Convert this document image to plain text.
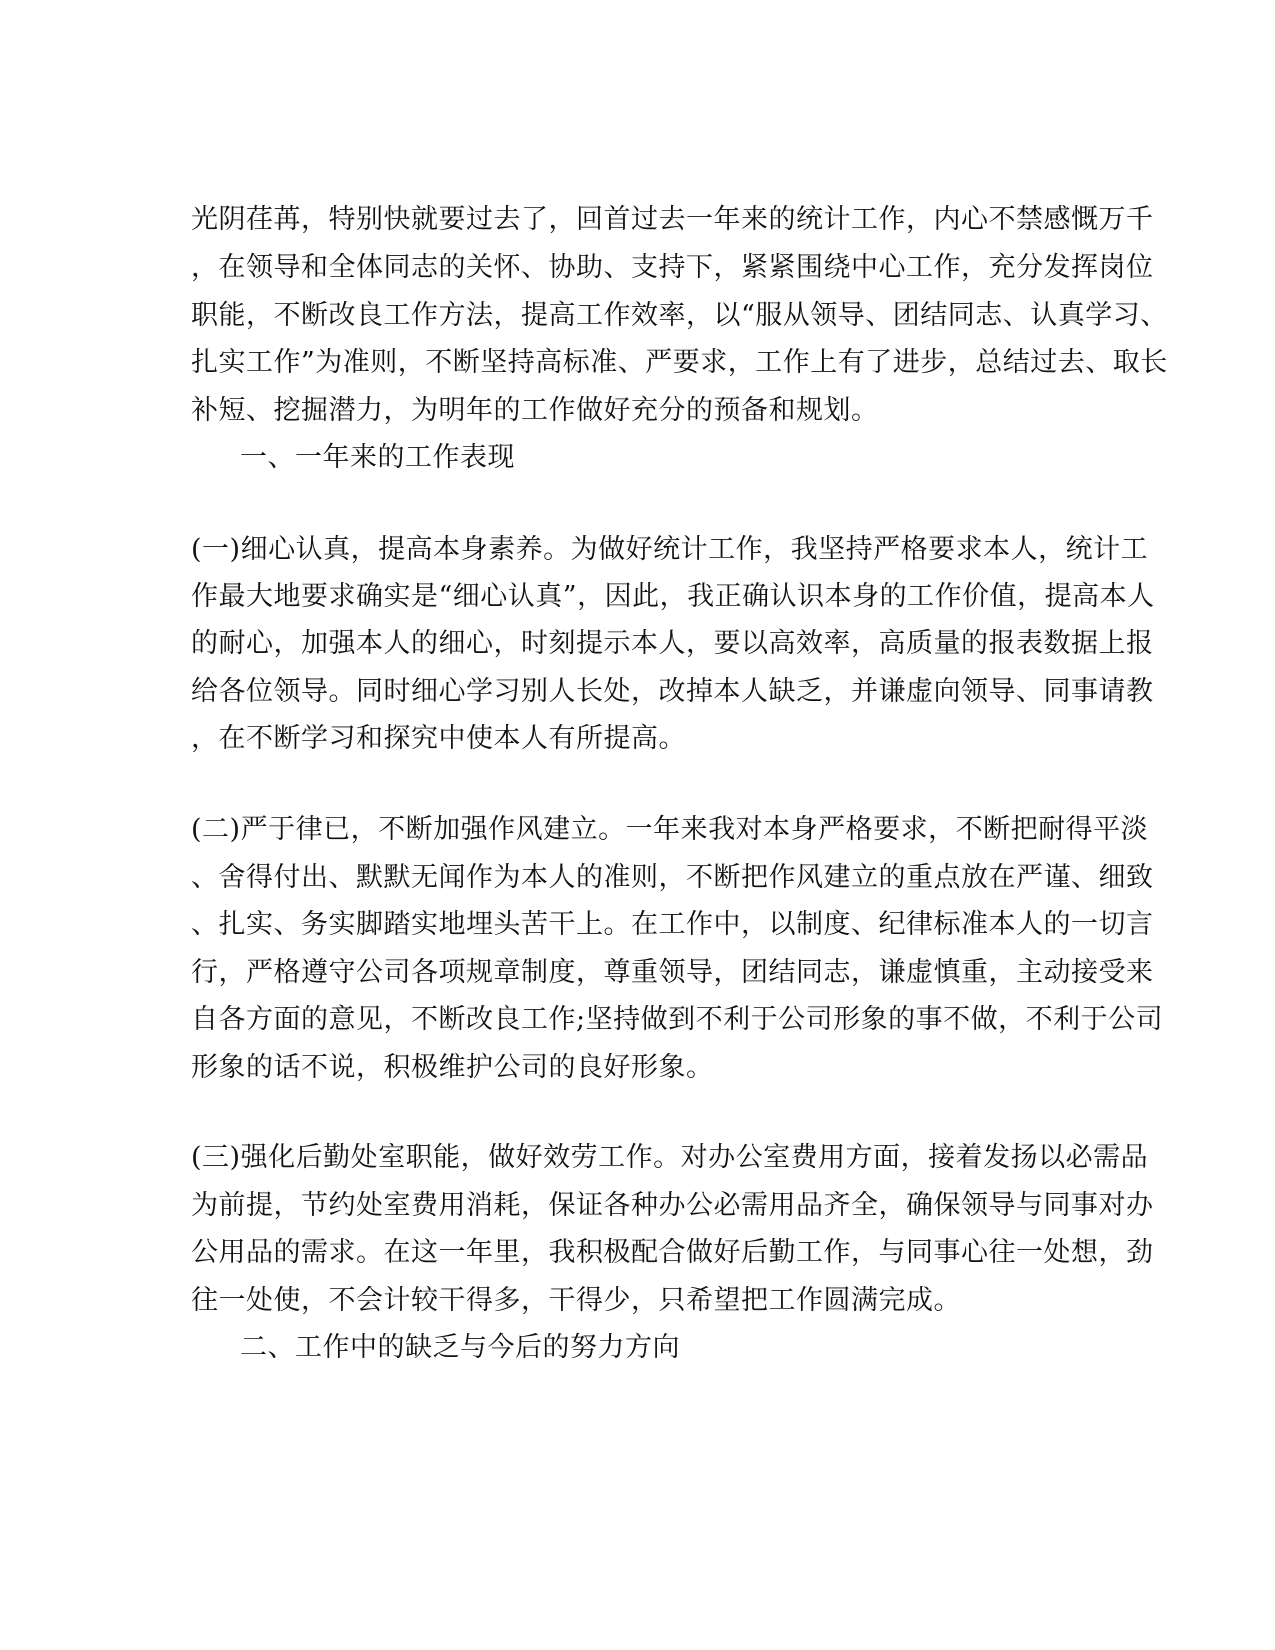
光阴荏苒，特别快就要过去了，回首过去一年来的统计工作，内心不禁感慨万千
，在领导和全体同志的关怀、协助、支持下，紧紧围绕中心工作，充分发挥岗位
职能，不断改良工作方法，提高工作效率，以“服从领导、团结同志、认真学习、
扎实工作”为准则，不断坚持高标准、严要求，工作上有了进步，总结过去、取长
补短、挖掘潜力，为明年的工作做好充分的预备和规划。
一、一年来的工作表现
(一)细心认真，提高本身素养。为做好统计工作，我坚持严格要求本人，统计工
作最大地要求确实是“细心认真”，因此，我正确认识本身的工作价值，提高本人
的耐心，加强本人的细心，时刻提示本人，要以高效率，高质量的报表数据上报
给各位领导。同时细心学习别人长处，改掉本人缺乏，并谦虚向领导、同事请教
，在不断学习和探究中使本人有所提高。
(二)严于律已，不断加强作风建立。一年来我对本身严格要求，不断把耐得平淡
、舍得付出、默默无闻作为本人的准则，不断把作风建立的重点放在严谨、细致
、扎实、务实脚踏实地埋头苦干上。在工作中，以制度、纪律标准本人的一切言
行，严格遵守公司各项规章制度，尊重领导，团结同志，谦虚慎重，主动接受来
自各方面的意见，不断改良工作;坚持做到不利于公司形象的事不做，不利于公司
形象的话不说，积极维护公司的良好形象。
(三)强化后勤处室职能，做好效劳工作。对办公室费用方面，接着发扬以必需品
为前提，节约处室费用消耗，保证各种办公必需用品齐全，确保领导与同事对办
公用品的需求。在这一年里，我积极配合做好后勤工作，与同事心往一处想，劲
往一处使，不会计较干得多，干得少，只希望把工作圆满完成。
二、工作中的缺乏与今后的努力方向
